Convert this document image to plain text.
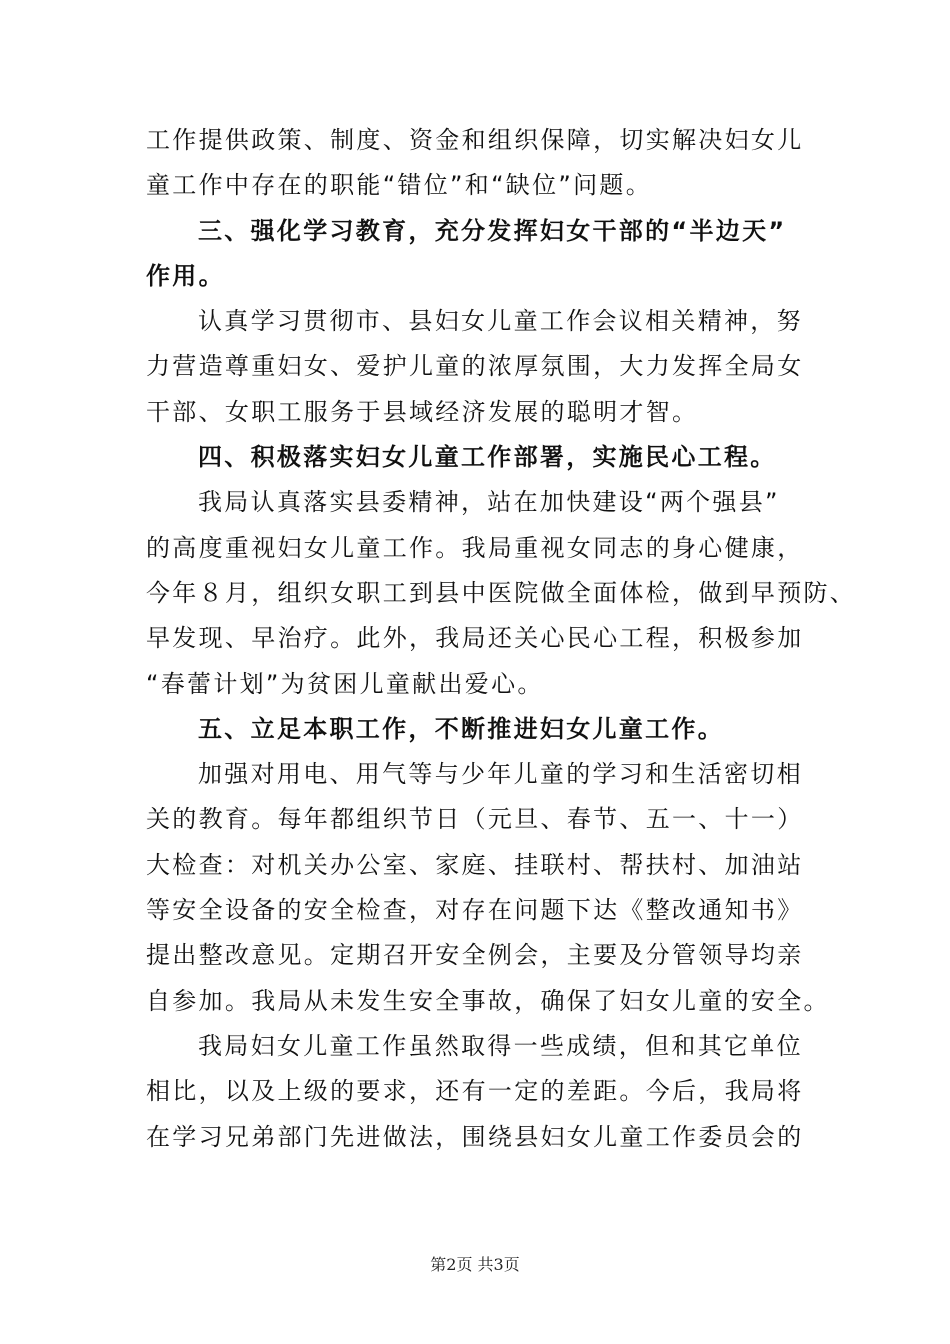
工作提供政策、制度、资金和组织保障，切实解决妇女儿
童工作中存在的职能“错位”和“缺位”问题。
三、强化学习教育，充分发挥妇女干部的“半边天”
作用。
认真学习贯彻市、县妇女儿童工作会议相关精神，努
力营造尊重妇女、爱护儿童的浓厚氛围，大力发挥全局女
干部、女职工服务于县域经济发展的聪明才智。
四、积极落实妇女儿童工作部署，实施民心工程。
我局认真落实县委精神，站在加快建设“两个强县”
的高度重视妇女儿童工作。我局重视女同志的身心健康，
今年８月，组织女职工到县中医院做全面体检，做到早预防、
早发现、早治疗。此外，我局还关心民心工程，积极参加
“春蕾计划”为贫困儿童献出爱心。
五、立足本职工作，不断推进妇女儿童工作。
加强对用电、用气等与少年儿童的学习和生活密切相
关的教育。每年都组织节日（元旦、春节、五一、十一）
大检查：对机关办公室、家庭、挂联村、帮扶村、加油站
等安全设备的安全检查，对存在问题下达《整改通知书》
提出整改意见。定期召开安全例会，主要及分管领导均亲
自参加。我局从未发生安全事故，确保了妇女儿童的安全。
我局妇女儿童工作虽然取得一些成绩，但和其它单位
相比，以及上级的要求，还有一定的差距。今后，我局将
在学习兄弟部门先进做法，围绕县妇女儿童工作委员会的
第2页 共3页
